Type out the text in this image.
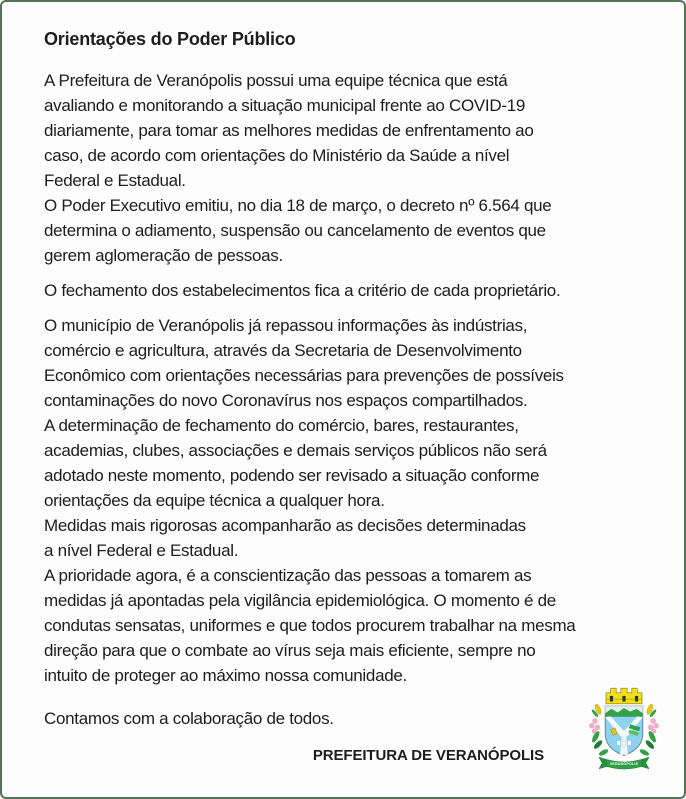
Orientações do Poder Público
A Prefeitura de Veranópolis possui uma equipe técnica que está
avaliando e monitorando a situação municipal frente ao COVID-19
diariamente, para tomar as melhores medidas de enfrentamento ao
caso, de acordo com orientações do Ministério da Saúde a nível
Federal e Estadual.
O Poder Executivo emitiu, no dia 18 de março, o decreto nº 6.564 que
determina o adiamento, suspensão ou cancelamento de eventos que
gerem aglomeração de pessoas.
O fechamento dos estabelecimentos fica a critério de cada proprietário.
O município de Veranópolis já repassou informações às indústrias,
comércio e agricultura, através da Secretaria de Desenvolvimento
Econômico com orientações necessárias para prevenções de possíveis
contaminações do novo Coronavírus nos espaços compartilhados.
A determinação de fechamento do comércio, bares, restaurantes,
academias, clubes, associações e demais serviços públicos não será
adotado neste momento, podendo ser revisado a situação conforme
orientações da equipe técnica a qualquer hora.
Medidas mais rigorosas acompanharão as decisões determinadas
a nível Federal e Estadual.
A prioridade agora, é a conscientização das pessoas a tomarem as
medidas já apontadas pela vigilância epidemiológica. O momento é de
condutas sensatas, uniformes e que todos procurem trabalhar na mesma
direção para que o combate ao vírus seja mais eficiente, sempre no
intuito de proteger ao máximo nossa comunidade.
Contamos com a colaboração de todos.
PREFEITURA DE VERANÓPOLIS
VERANÓPOLIS
